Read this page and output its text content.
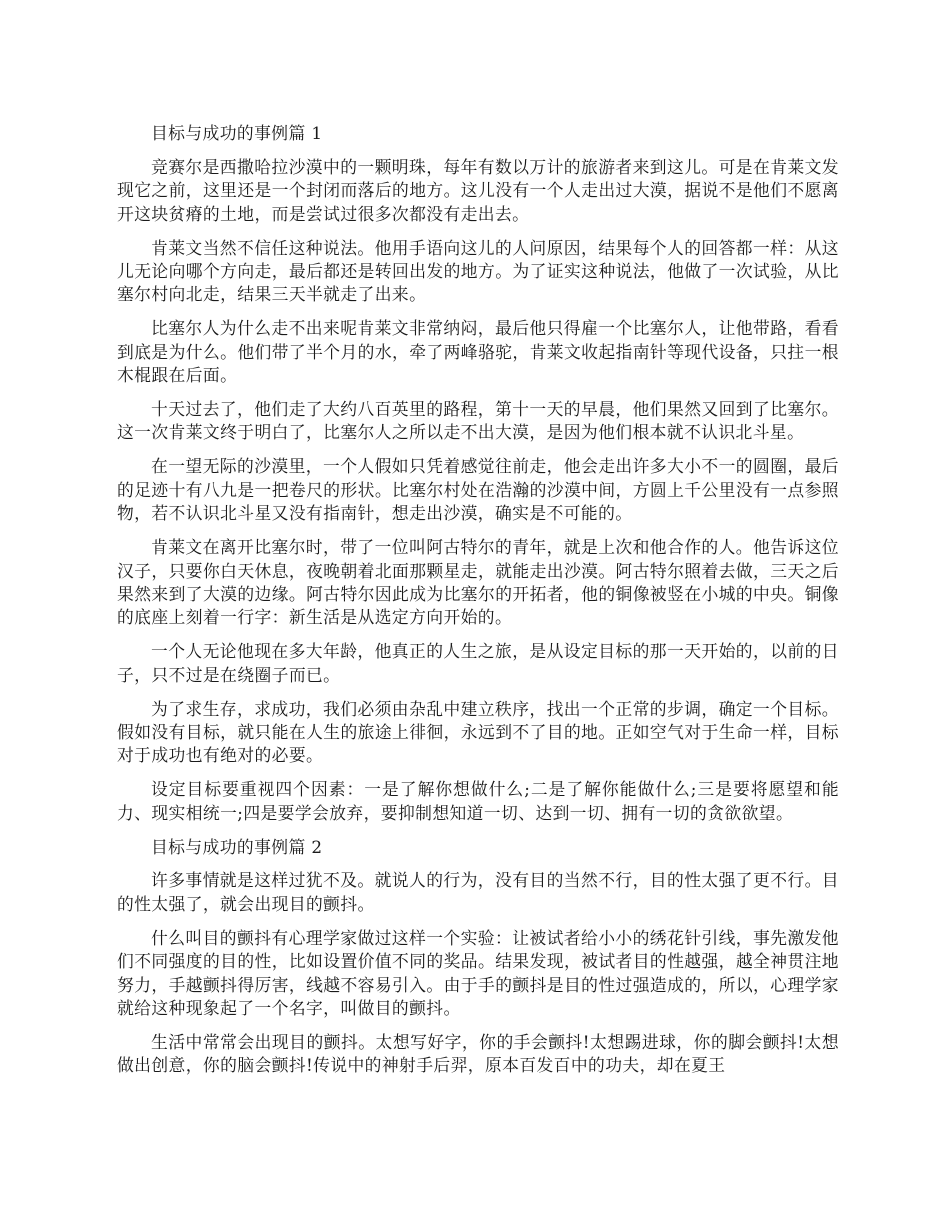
目标与成功的事例篇 1

竞赛尔是西撒哈拉沙漠中的一颗明珠，每年有数以万计的旅游者来到这儿。可是在肯莱文发现它之前，这里还是一个封闭而落后的地方。这儿没有一个人走出过大漠，据说不是他们不愿离开这块贫瘠的土地，而是尝试过很多次都没有走出去。

肯莱文当然不信任这种说法。他用手语向这儿的人问原因，结果每个人的回答都一样：从这儿无论向哪个方向走，最后都还是转回出发的地方。为了证实这种说法，他做了一次试验，从比塞尔村向北走，结果三天半就走了出来。

比塞尔人为什么走不出来呢肯莱文非常纳闷，最后他只得雇一个比塞尔人，让他带路，看看到底是为什么。他们带了半个月的水，牵了两峰骆驼，肯莱文收起指南针等现代设备，只拄一根木棍跟在后面。

十天过去了，他们走了大约八百英里的路程，第十一天的早晨，他们果然又回到了比塞尔。这一次肯莱文终于明白了，比塞尔人之所以走不出大漠，是因为他们根本就不认识北斗星。

在一望无际的沙漠里，一个人假如只凭着感觉往前走，他会走出许多大小不一的圆圈，最后的足迹十有八九是一把卷尺的形状。比塞尔村处在浩瀚的沙漠中间，方圆上千公里没有一点参照物，若不认识北斗星又没有指南针，想走出沙漠，确实是不可能的。

肯莱文在离开比塞尔时，带了一位叫阿古特尔的青年，就是上次和他合作的人。他告诉这位汉子，只要你白天休息，夜晚朝着北面那颗星走，就能走出沙漠。阿古特尔照着去做，三天之后果然来到了大漠的边缘。阿古特尔因此成为比塞尔的开拓者，他的铜像被竖在小城的中央。铜像的底座上刻着一行字：新生活是从选定方向开始的。

一个人无论他现在多大年龄，他真正的人生之旅，是从设定目标的那一天开始的，以前的日子，只不过是在绕圈子而已。

为了求生存，求成功，我们必须由杂乱中建立秩序，找出一个正常的步调，确定一个目标。假如没有目标，就只能在人生的旅途上徘徊，永远到不了目的地。正如空气对于生命一样，目标对于成功也有绝对的必要。

设定目标要重视四个因素：一是了解你想做什么;二是了解你能做什么;三是要将愿望和能力、现实相统一;四是要学会放弃，要抑制想知道一切、达到一切、拥有一切的贪欲欲望。

目标与成功的事例篇 2

许多事情就是这样过犹不及。就说人的行为，没有目的当然不行，目的性太强了更不行。目的性太强了，就会出现目的颤抖。

什么叫目的颤抖有心理学家做过这样一个实验：让被试者给小小的绣花针引线，事先激发他们不同强度的目的性，比如设置价值不同的奖品。结果发现，被试者目的性越强，越全神贯注地努力，手越颤抖得厉害，线越不容易引入。由于手的颤抖是目的性过强造成的，所以，心理学家就给这种现象起了一个名字，叫做目的颤抖。

生活中常常会出现目的颤抖。太想写好字，你的手会颤抖!太想踢进球，你的脚会颤抖!太想做出创意，你的脑会颤抖!传说中的神射手后羿，原本百发百中的功夫，却在夏王
